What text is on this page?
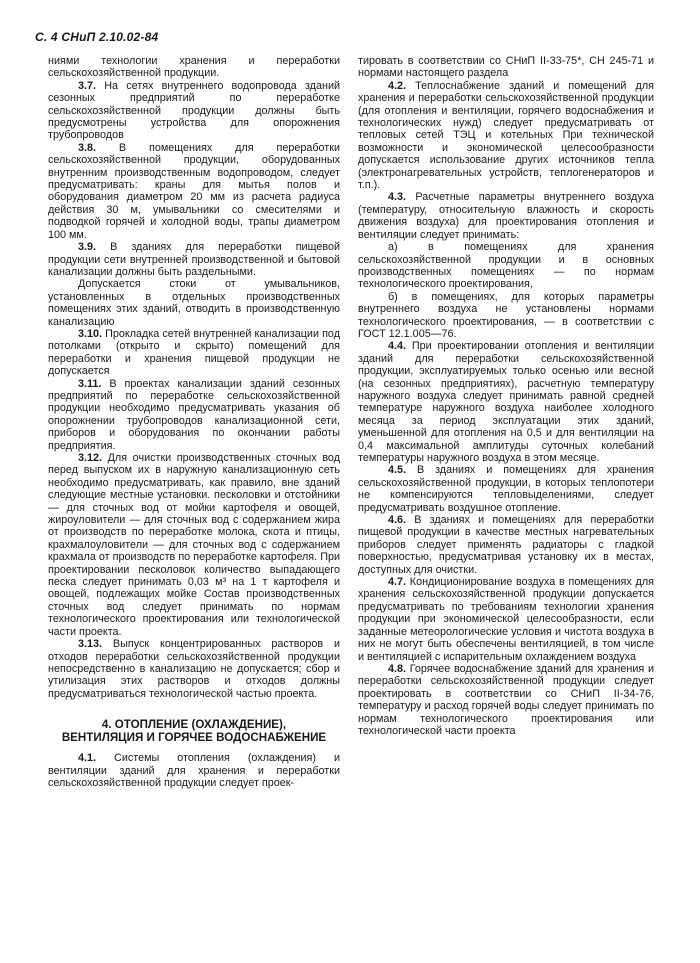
С. 4 СНиП 2.10.02-84

ниями технологии хранения и переработки сельскохозяйственной продукции.

3.7. На сетях внутреннего водопровода зданий сезонных предприятий по переработке сельскохозяйственной продукции должны быть предусмотрены устройства для опорожнения трубопроводов

3.8. В помещениях для переработки сельскохозяйственной продукции, оборудованных внутренним производственным водопроводом, следует предусматривать: краны для мытья полов и оборудования диаметром 20 мм из расчета радиуса действия 30 м, умывальники со смесителями и подводкой горячей и холодной воды, трапы диаметром 100 мм.

3.9. В зданиях для переработки пищевой продукции сети внутренней производственной и бытовой канализации должны быть раздельными.

Допускается стоки от умывальников, установленных в отдельных производственных помещениях этих зданий, отводить в производственную канализацию

3.10. Прокладка сетей внутренней канализации под потолками (открыто и скрыто) помещений для переработки и хранения пищевой продукции не допускается

3.11. В проектах канализации зданий сезонных предприятий по переработке сельскохозяйственной продукции необходимо предусматривать указания об опорожнении трубопроводов канализационной сети, приборов и оборудования по окончании работы предприятия.

3.12. Для очистки производственных сточных вод перед выпуском их в наружную канализационную сеть необходимо предусматривать, как правило, вне зданий следующие местные установки. песколовки и отстойники — для сточных вод от мойки картофеля и овощей, жироуловители — для сточных вод с содержанием жира от производств по переработке молока, скота и птицы, крахмалоуловители — для сточных вод с содержанием крахмала от производств по переработке картофеля. При проектировании песколовок количество выпадающего песка следует принимать 0,03 м³ на 1 т картофеля и овощей, подлежащих мойке Состав производственных сточных вод следует принимать по нормам технологического проектирования или технологической части проекта.

3.13. Выпуск концентрированных растворов и отходов переработки сельскохозяйственной продукции непосредственно в канализацию не допускается; сбор и утилизация этих растворов и отходов должны предусматриваться технологической частью проекта.

4. ОТОПЛЕНИЕ (ОХЛАЖДЕНИЕ),
ВЕНТИЛЯЦИЯ И ГОРЯЧЕЕ ВОДОСНАБЖЕНИЕ

4.1. Системы отопления (охлаждения) и вентиляции зданий для хранения и переработки сельскохозяйственной продукции следует проек-

тировать в соответствии со СНиП II-33-75*, СН 245-71 и нормами настоящего раздела

4.2. Теплоснабжение зданий и помещений для хранения и переработки сельскохозяйственной продукции (для отопления и вентиляции, горячего водоснабжения и технологических нужд) следует предусматривать от тепловых сетей ТЭЦ и котельных При технической возможности и экономической целесообразности допускается использование других источников тепла (электронагревательных устройств, теплогенераторов и т.п.).

4.3. Расчетные параметры внутреннего воздуха (температуру, относительную влажность и скорость движения воздуха) для проектирования отопления и вентиляции следует принимать:

а) в помещениях для хранения сельскохозяйственной продукции и в основных производственных помещениях — по нормам технологического проектирования,

б) в помещениях, для которых параметры внутреннего воздуха не установлены нормами технологического проектирования, — в соответствии с ГОСТ 12.1.005—76.

4.4. При проектировании отопления и вентиляции зданий для переработки сельскохозяйственной продукции, эксплуатируемых только осенью или весной (на сезонных предприятиях), расчетную температуру наружного воздуха следует принимать равной средней температуре наружного воздуха наиболее холодного месяца за период эксплуатации этих зданий, уменьшенной для отопления на 0,5 и для вентиляции на 0,4 максимальной амплитуды суточных колебаний температуры наружного воздуха в этом месяце.

4.5. В зданиях и помещениях для хранения сельскохозяйственной продукции, в которых теплопотери не компенсируются тепловыделениями, следует предусматривать воздушное отопление.

4.6. В зданиях и помещениях для переработки пищевой продукции в качестве местных нагревательных приборов следует применять радиаторы с гладкой поверхностью, предусматривая установку их в местах, доступных для очистки.

4.7. Кондиционирование воздуха в помещениях для хранения сельскохозяйственной продукции допускается предусматривать по требованиям технологии хранения продукции при экономической целесообразности, если заданные метеорологические условия и чистота воздуха в них не могут быть обеспечены вентиляцией, в том числе и вентиляцией с испарительным охлаждением воздуха

4.8. Горячее водоснабжение зданий для хранения и переработки сельскохозяйственной продукции следует проектировать в соответствии со СНиП II-34-76, температуру и расход горячей воды следует принимать по нормам технологического проектирования или технологической части проекта
